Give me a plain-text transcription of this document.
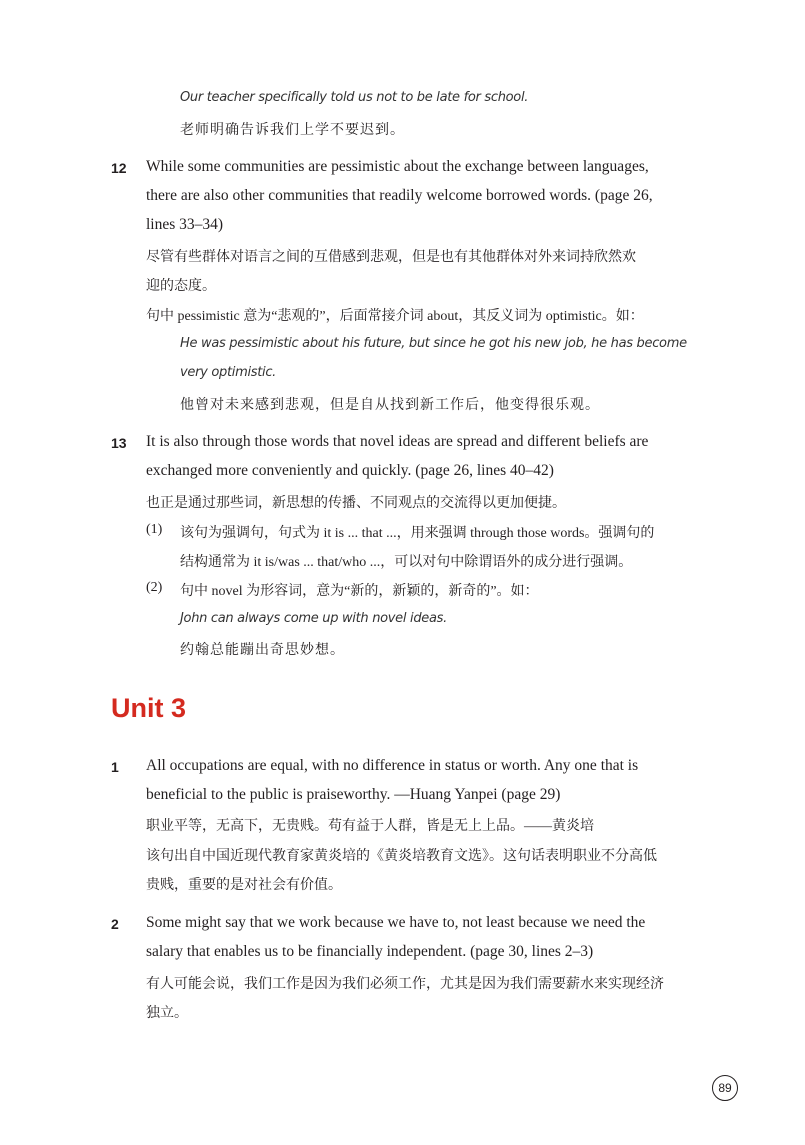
Our teacher specifically told us not to be late for school.
老师明确告诉我们上学不要迟到。
12 While some communities are pessimistic about the exchange between languages,
there are also other communities that readily welcome borrowed words. (page 26,
lines 33–34)
尽管有些群体对语言之间的互借感到悲观，但是也有其他群体对外来词持欣然欢
迎的态度。
句中 pessimistic 意为“悲观的”，后面常接介词 about，其反义词为 optimistic。如：
He was pessimistic about his future, but since he got his new job, he has become
very optimistic.
他曾对未来感到悲观，但是自从找到新工作后，他变得很乐观。
13 It is also through those words that novel ideas are spread and different beliefs are
exchanged more conveniently and quickly. (page 26, lines 40–42)
也正是通过那些词，新思想的传播、不同观点的交流得以更加便捷。
(1) 该句为强调句，句式为 it is ... that ...，用来强调 through those words。强调句的
结构通常为 it is/was ... that/who ...，可以对句中除谓语外的成分进行强调。
(2) 句中 novel 为形容词，意为“新的，新颖的，新奇的”。如：
John can always come up with novel ideas.
约翰总能蹦出奇思妙想。
Unit 3
1 All occupations are equal, with no difference in status or worth. Any one that is
beneficial to the public is praiseworthy. —Huang Yanpei (page 29)
职业平等，无高下，无贵贱。苟有益于人群，皆是无上上品。——黄炎培
该句出自中国近现代教育家黄炎培的《黄炎培教育文选》。这句话表明职业不分高低
贵贱，重要的是对社会有价值。
2 Some might say that we work because we have to, not least because we need the
salary that enables us to be financially independent. (page 30, lines 2–3)
有人可能会说，我们工作是因为我们必须工作，尤其是因为我们需要薪水来实现经济
独立。
89
